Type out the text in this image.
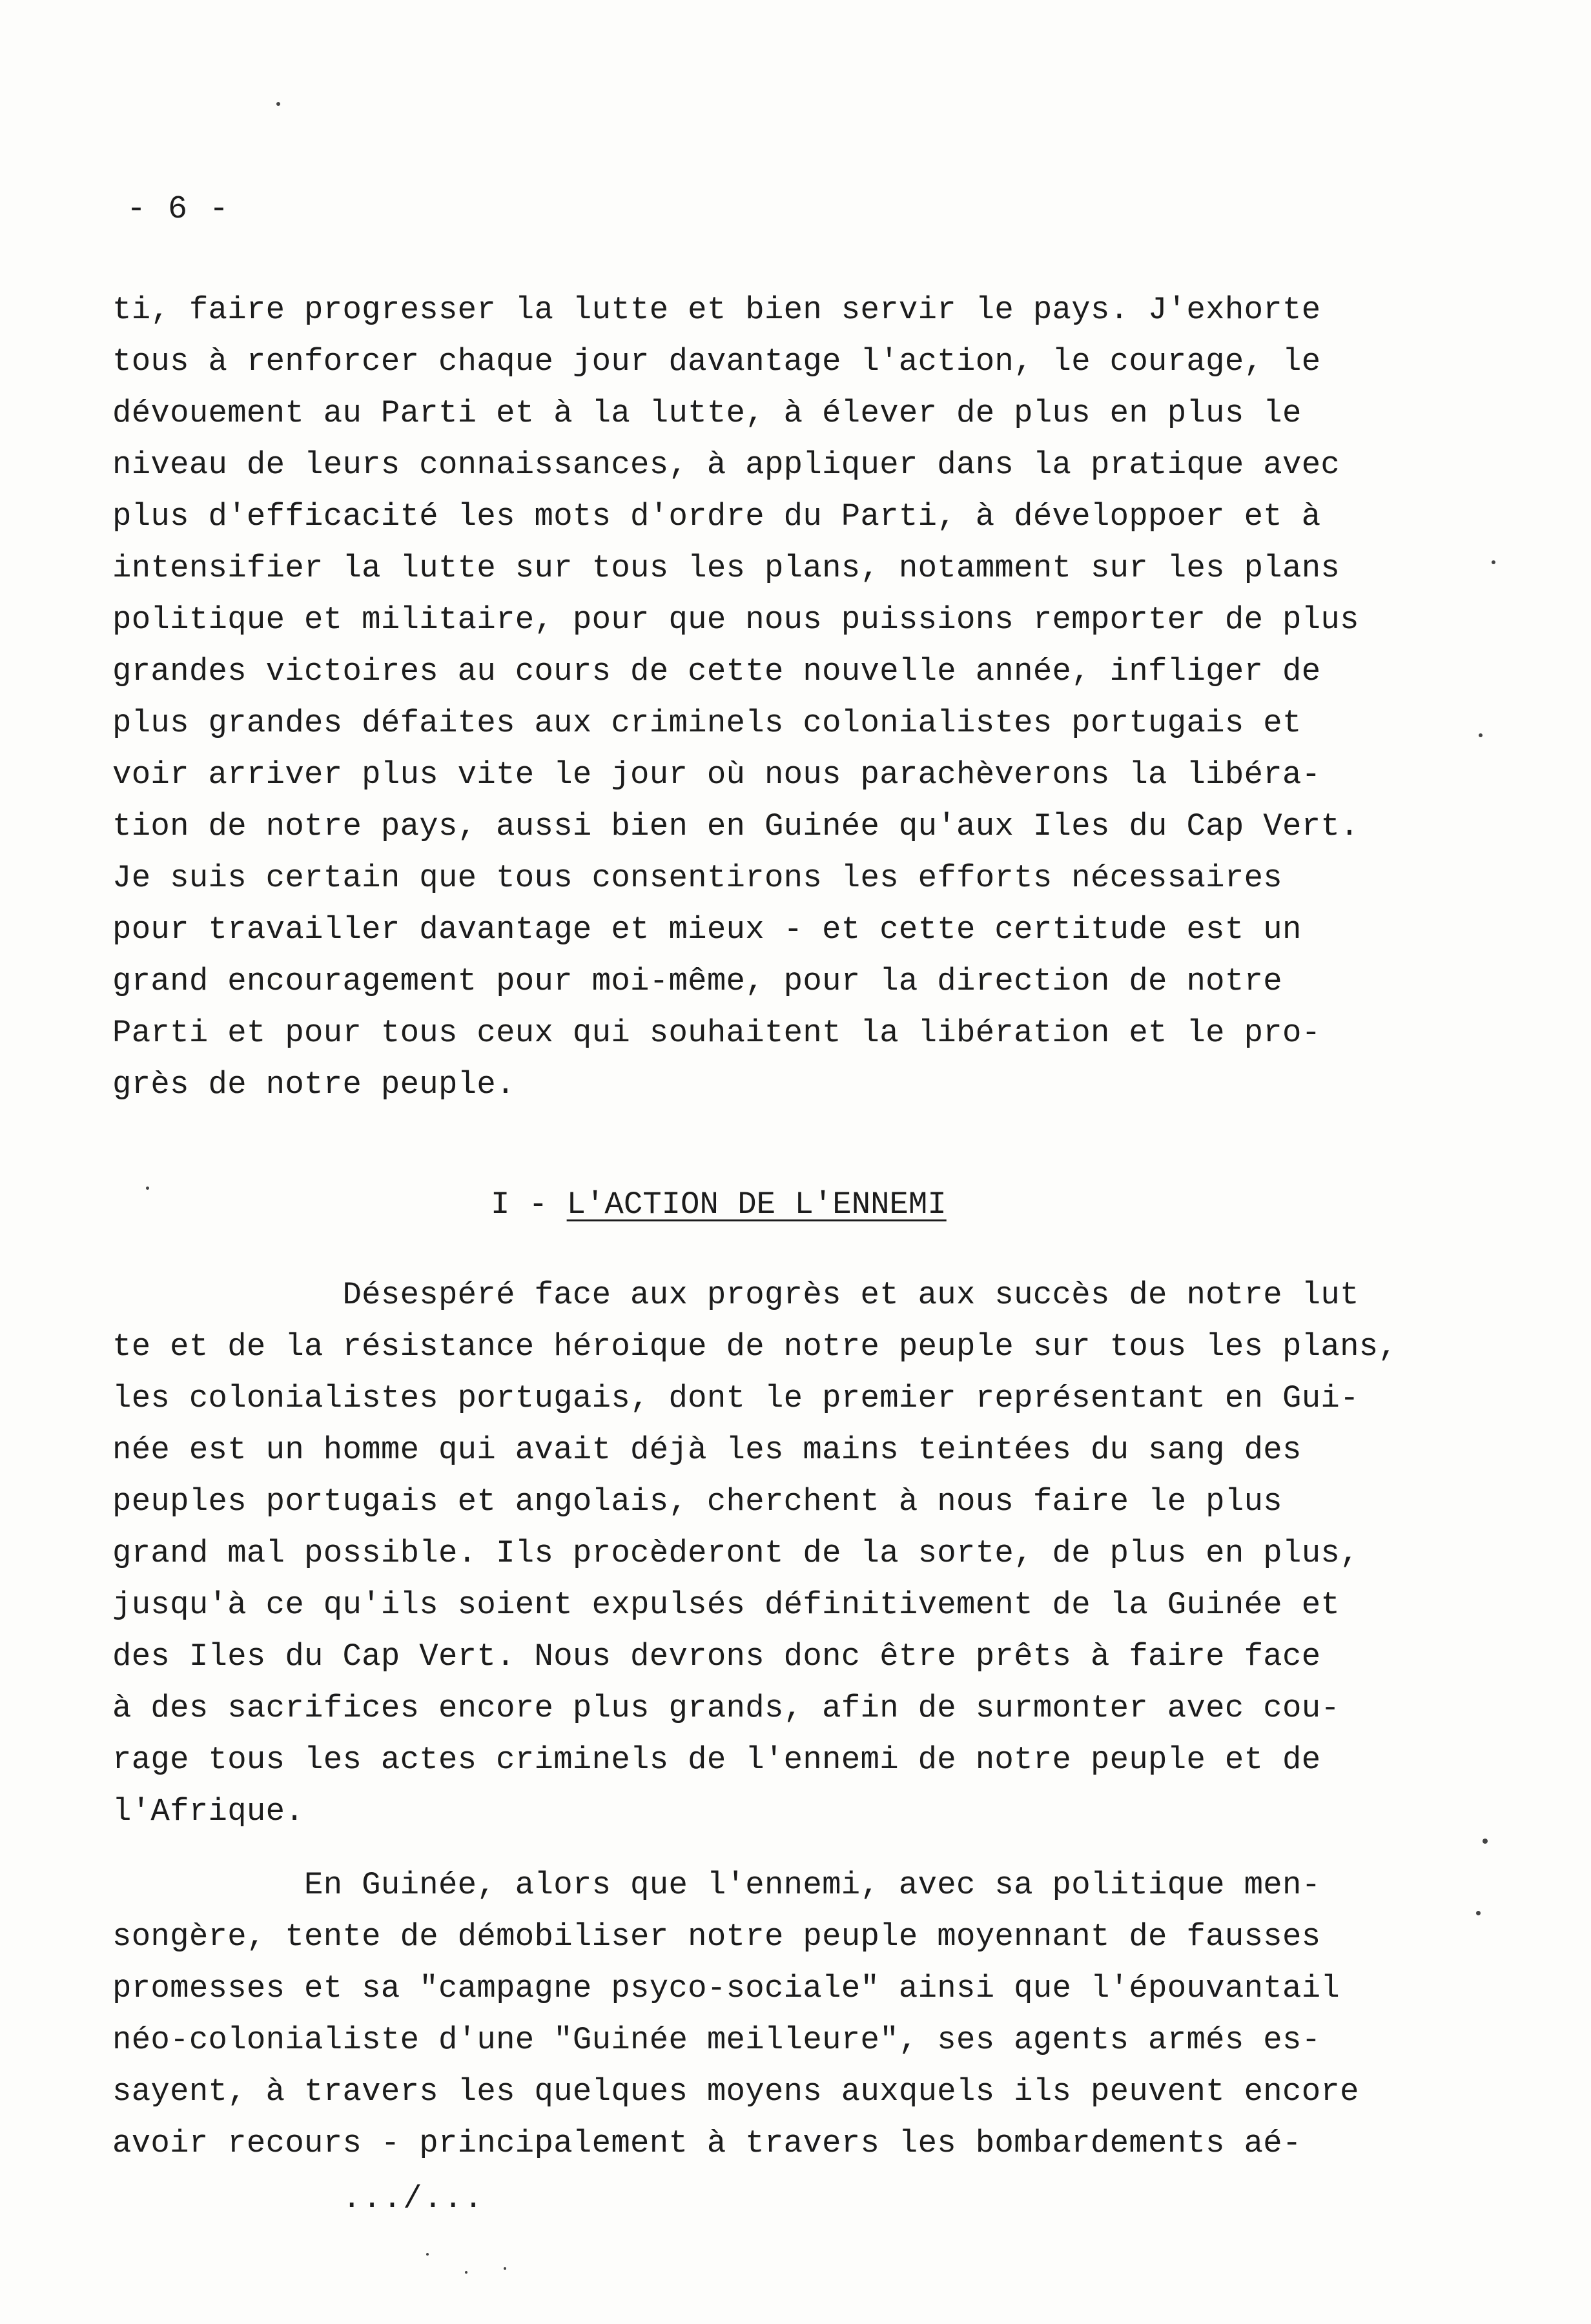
- 6 -
ti, faire progresser la lutte et bien servir le pays. J'exhorte
tous à renforcer chaque jour davantage l'action, le courage, le
dévouement au Parti et à la lutte, à élever de plus en plus le
niveau de leurs connaissances, à appliquer dans la pratique avec
plus d'efficacité les mots d'ordre du Parti, à développoer et à
intensifier la lutte sur tous les plans, notamment sur les plans
politique et militaire, pour que nous puissions remporter de plus
grandes victoires au cours de cette nouvelle année, infliger de
plus grandes défaites aux criminels colonialistes portugais et
voir arriver plus vite le jour où nous parachèverons la libéra-
tion de notre pays, aussi bien en Guinée qu'aux Iles du Cap Vert.
Je suis certain que tous consentirons les efforts nécessaires
pour travailler davantage et mieux - et cette certitude est un
grand encouragement pour moi-même, pour la direction de notre
Parti et pour tous ceux qui souhaitent la libération et le pro-
grès de notre peuple.
I - L'ACTION DE L'ENNEMI
Désespéré face aux progrès et aux succès de notre lut
te et de la résistance héroique de notre peuple sur tous les plans,
les colonialistes portugais, dont le premier représentant en Gui-
née est un homme qui avait déjà les mains teintées du sang des
peuples portugais et angolais, cherchent à nous faire le plus
grand mal possible. Ils procèderont de la sorte, de plus en plus,
jusqu'à ce qu'ils soient expulsés définitivement de la Guinée et
des Iles du Cap Vert. Nous devrons donc être prêts à faire face
à des sacrifices encore plus grands, afin de surmonter avec cou-
rage tous les actes criminels de l'ennemi de notre peuple et de
l'Afrique.
En Guinée, alors que l'ennemi, avec sa politique men-
songère, tente de démobiliser notre peuple moyennant de fausses
promesses et sa "campagne psyco-sociale" ainsi que l'épouvantail
néo-colonialiste d'une "Guinée meilleure", ses agents armés es-
sayent, à travers les quelques moyens auxquels ils peuvent encore
avoir recours - principalement à travers les bombardements aé-
.../...
